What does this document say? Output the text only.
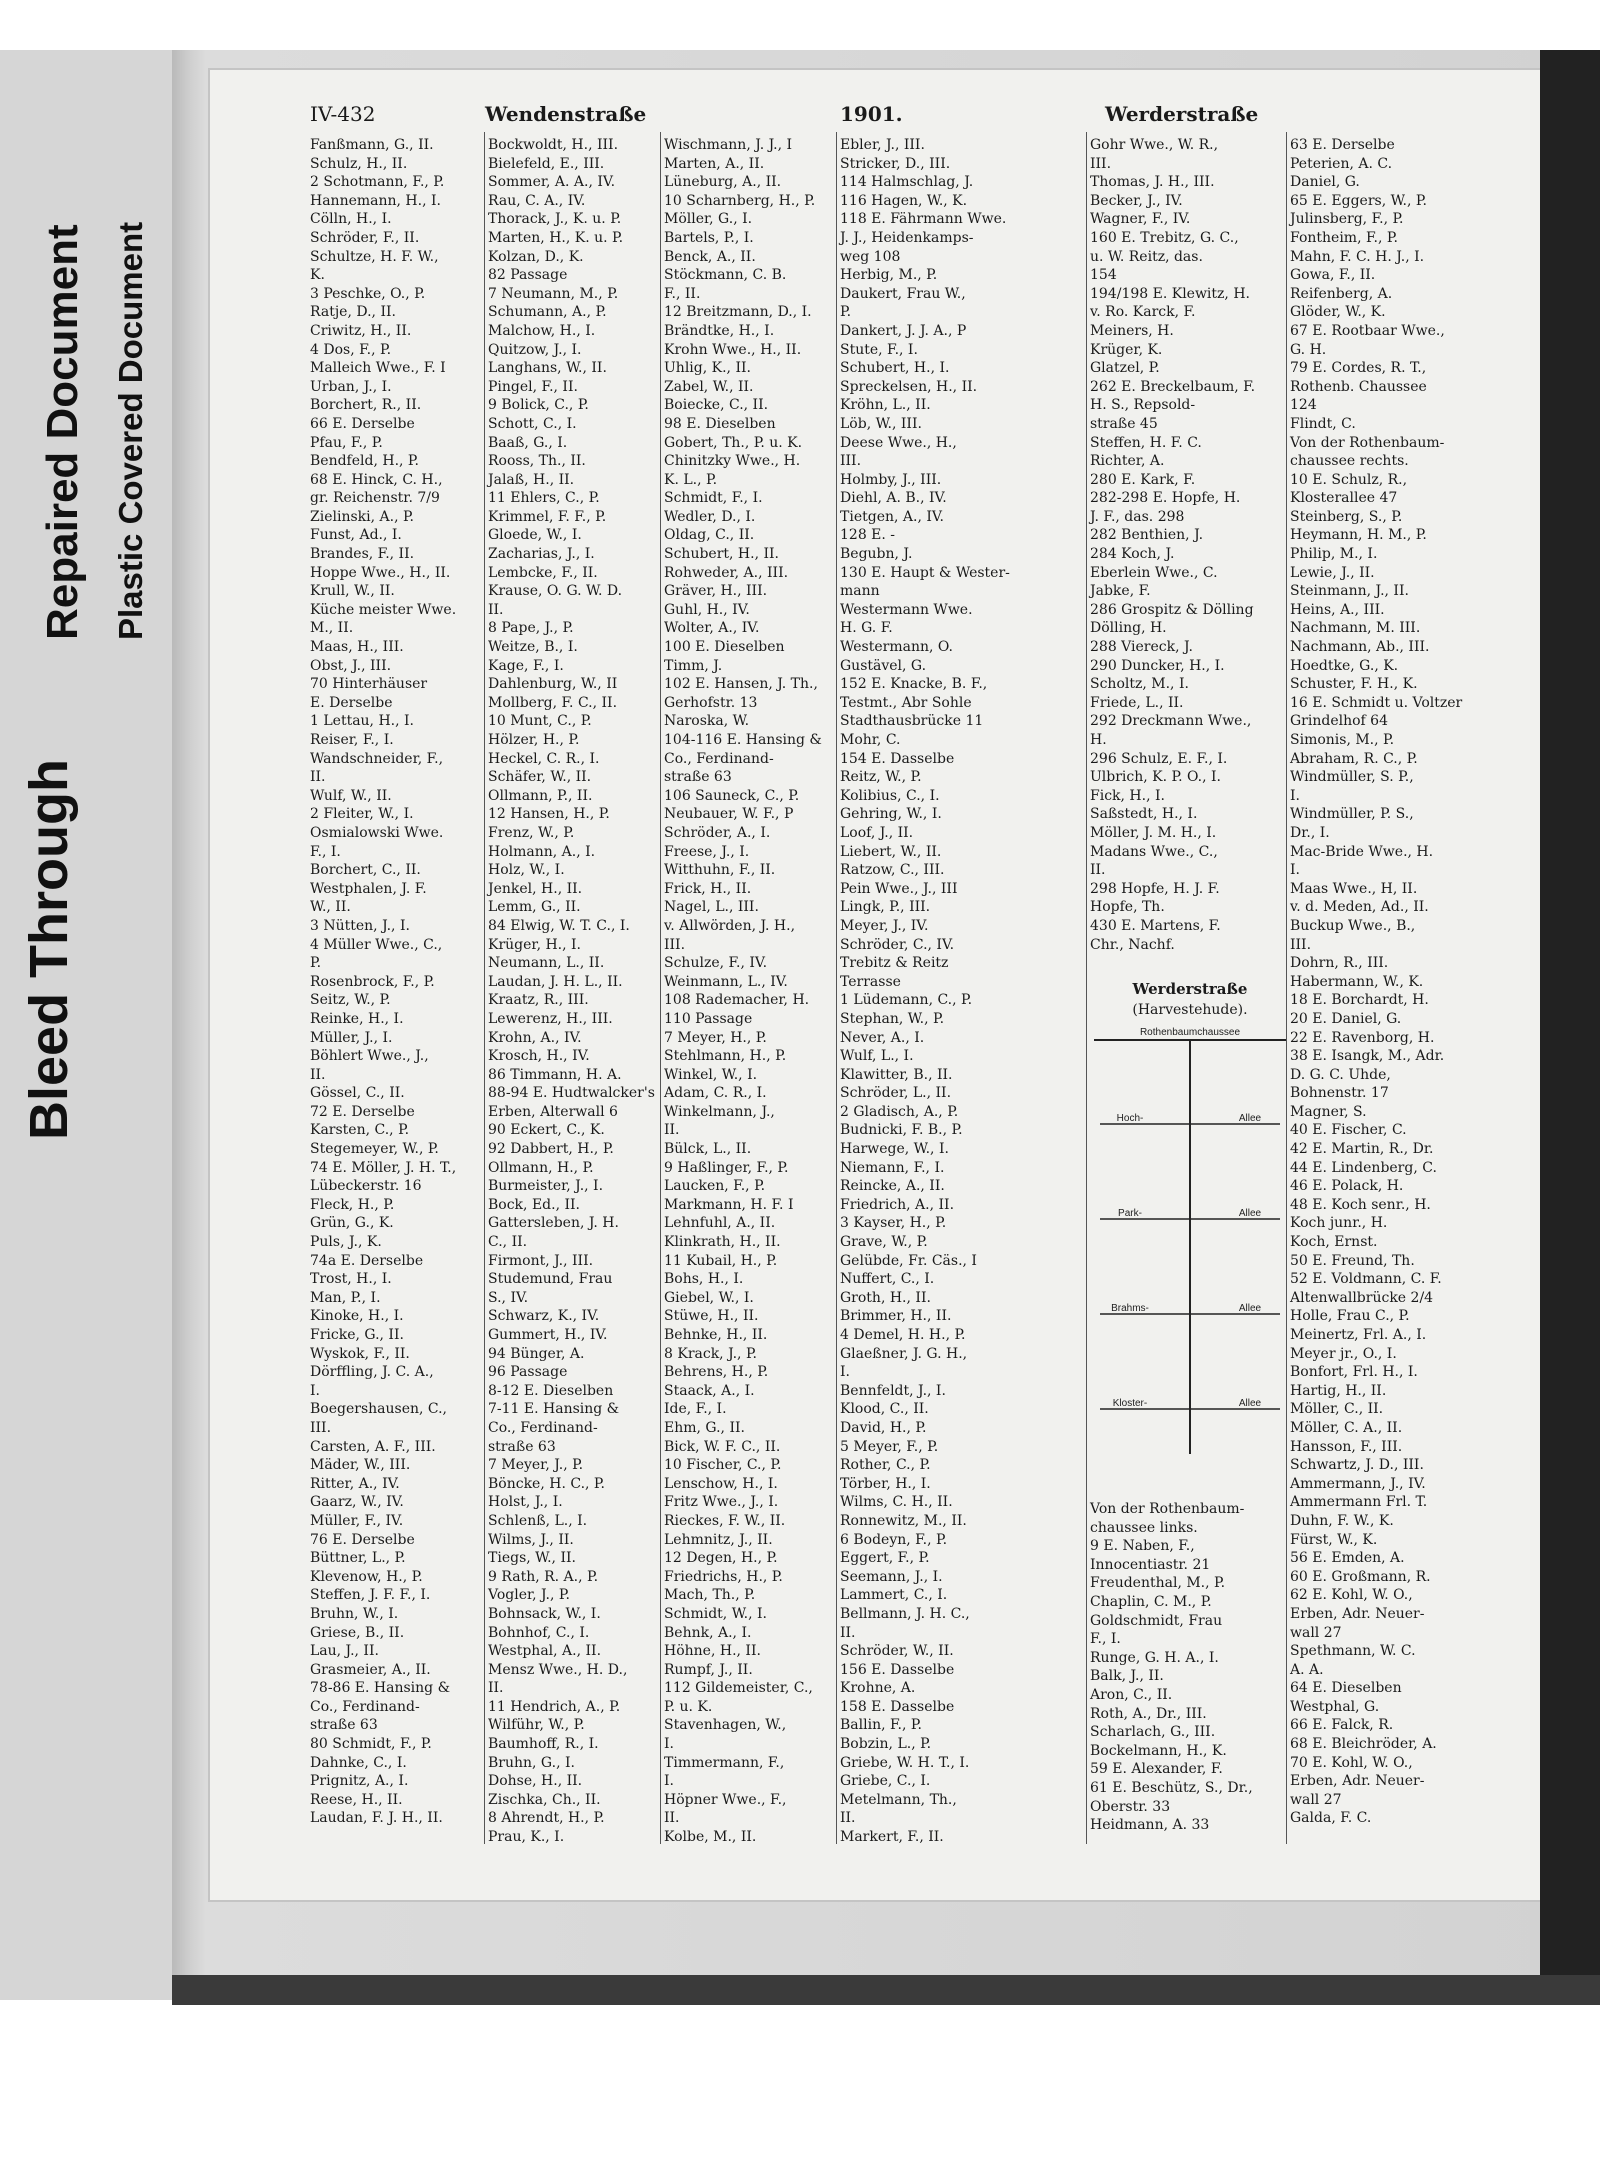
Bleed Through
Repaired Document Plastic Covered Document
IV-432	Wendenstraße	1901.	Werderstraße
Fanßmann, G., II.
Schulz, H., II.
2 Schotmann, F., P.
Hannemann, H., I.
Cölln, H., I.
Schröder, F., II.
Schultze, H. F. W.,
K.
3 Peschke, O., P.
Ratje, D., II.
Criwitz, H., II.
4 Dos, F., P.
Malleich Wwe., F. I
Urban, J., I.
Borchert, R., II.
66 E. Derselbe
Pfau, F., P.
Bendfeld, H., P.
68 E. Hinck, C. H.,
gr. Reichenstr. 7/9
Zielinski, A., P.
Funst, Ad., I.
Brandes, F., II.
Hoppe Wwe., H., II.
Krull, W., II.
Küche meister Wwe.
M., II.
Maas, H., III.
Obst, J., III.
70 Hinterhäuser
E. Derselbe
1 Lettau, H., I.
Reiser, F., I.
Wandschneider, F.,
II.
Wulf, W., II.
2 Fleiter, W., I.
Osmialowski Wwe.
F., I.
Borchert, C., II.
Westphalen, J. F.
W., II.
3 Nütten, J., I.
4 Müller Wwe., C.,
P.
Rosenbrock, F., P.
Seitz, W., P.
Reinke, H., I.
Müller, J., I.
Böhlert Wwe., J.,
II.
Gössel, C., II.
72 E. Derselbe
Karsten, C., P.
Stegemeyer, W., P.
74 E. Möller, J. H. T.,
Lübeckerstr. 16
Fleck, H., P.
Grün, G., K.
Puls, J., K.
74a E. Derselbe
Trost, H., I.
Man, P., I.
Kinoke, H., I.
Fricke, G., II.
Wyskok, F., II.
Dörffling, J. C. A.,
I.
Boegershausen, C.,
III.
Carsten, A. F., III.
Mäder, W., III.
Ritter, A., IV.
Gaarz, W., IV.
Müller, F., IV.
76 E. Derselbe
Büttner, L., P.
Klevenow, H., P.
Steffen, J. F. F., I.
Bruhn, W., I.
Griese, B., II.
Lau, J., II.
Grasmeier, A., II.
78-86 E. Hansing &
Co., Ferdinand-
straße 63
80 Schmidt, F., P.
Dahnke, C., I.
Prignitz, A., I.
Reese, H., II.
Laudan, F. J. H., II.
Bockwoldt, H., III.
Bielefeld, E., III.
Sommer, A. A., IV.
Rau, C. A., IV.
Thorack, J., K. u. P.
Marten, H., K. u. P.
Kolzan, D., K.
82 Passage
7 Neumann, M., P.
Schumann, A., P.
Malchow, H., I.
Quitzow, J., I.
Langhans, W., II.
Pingel, F., II.
9 Bolick, C., P.
Schott, C., I.
Baaß, G., I.
Rooss, Th., II.
Jalaß, H., II.
11 Ehlers, C., P.
Krimmel, F. F., P.
Gloede, W., I.
Zacharias, J., I.
Lembcke, F., II.
Krause, O. G. W. D.
II.
8 Pape, J., P.
Weitze, B., I.
Kage, F., I.
Dahlenburg, W., II
Mollberg, F. C., II.
10 Munt, C., P.
Hölzer, H., P.
Heckel, C. R., I.
Schäfer, W., II.
Ollmann, P., II.
12 Hansen, H., P.
Frenz, W., P.
Holmann, A., I.
Holz, W., I.
Jenkel, H., II.
Lemm, G., II.
84 Elwig, W. T. C., I.
Krüger, H., I.
Neumann, L., II.
Laudan, J. H. L., II.
Kraatz, R., III.
Lewerenz, H., III.
Krohn, A., IV.
Krosch, H., IV.
86 Timmann, H. A.
88-94 E. Hudtwalcker's
Erben, Alterwall 6
90 Eckert, C., K.
92 Dabbert, H., P.
Ollmann, H., P.
Burmeister, J., I.
Bock, Ed., II.
Gattersleben, J. H.
C., II.
Firmont, J., III.
Studemund, Frau
S., IV.
Schwarz, K., IV.
Gummert, H., IV.
94 Bünger, A.
96 Passage
8-12 E. Dieselben
7-11 E. Hansing &
Co., Ferdinand-
straße 63
7 Meyer, J., P.
Böncke, H. C., P.
Holst, J., I.
Schlenß, L., I.
Wilms, J., II.
Tiegs, W., II.
9 Rath, R. A., P.
Vogler, J., P.
Bohnsack, W., I.
Bohnhof, C., I.
Westphal, A., II.
Mensz Wwe., H. D.,
II.
11 Hendrich, A., P.
Wilführ, W., P.
Baumhoff, R., I.
Bruhn, G., I.
Dohse, H., II.
Zischka, Ch., II.
8 Ahrendt, H., P.
Prau, K., I.
Wischmann, J. J., I
Marten, A., II.
Lüneburg, A., II.
10 Scharnberg, H., P.
Möller, G., I.
Bartels, P., I.
Benck, A., II.
Stöckmann, C. B.
F., II.
12 Breitzmann, D., I.
Brändtke, H., I.
Krohn Wwe., H., II.
Uhlig, K., II.
Zabel, W., II.
Boiecke, C., II.
98 E. Dieselben
Gobert, Th., P. u. K.
Chinitzky Wwe., H.
K. L., P.
Schmidt, F., I.
Wedler, D., I.
Oldag, C., II.
Schubert, H., II.
Rohweder, A., III.
Gräver, H., III.
Guhl, H., IV.
Wolter, A., IV.
100 E. Dieselben
Timm, J.
102 E. Hansen, J. Th.,
Gerhofstr. 13
Naroska, W.
104-116 E. Hansing &
Co., Ferdinand-
straße 63
106 Sauneck, C., P.
Neubauer, W. F., P
Schröder, A., I.
Freese, J., I.
Witthuhn, F., II.
Frick, H., II.
Nagel, L., III.
v. Allwörden, J. H.,
III.
Schulze, F., IV.
Weinmann, L., IV.
108 Rademacher, H.
110 Passage
7 Meyer, H., P.
Stehlmann, H., P.
Winkel, W., I.
Adam, C. R., I.
Winkelmann, J.,
II.
Bülck, L., II.
9 Haßlinger, F., P.
Laucken, F., P.
Markmann, H. F. I
Lehnfuhl, A., II.
Klinkrath, H., II.
11 Kubail, H., P.
Bohs, H., I.
Giebel, W., I.
Stüwe, H., II.
Behnke, H., II.
8 Krack, J., P.
Behrens, H., P.
Staack, A., I.
Ide, F., I.
Ehm, G., II.
Bick, W. F. C., II.
10 Fischer, C., P.
Lenschow, H., I.
Fritz Wwe., J., I.
Rieckes, F. W., II.
Lehmnitz, J., II.
12 Degen, H., P.
Friedrichs, H., P.
Mach, Th., P.
Schmidt, W., I.
Behnk, A., I.
Höhne, H., II.
Rumpf, J., II.
112 Gildemeister, C.,
P. u. K.
Stavenhagen, W.,
I.
Timmermann, F.,
I.
Höpner Wwe., F.,
II.
Kolbe, M., II.
Ebler, J., III.
Stricker, D., III.
114 Halmschlag, J.
116 Hagen, W., K.
118 E. Fährmann Wwe.
J. J., Heidenkamps-
weg 108
Herbig, M., P.
Daukert, Frau W.,
P.
Dankert, J. J. A., P
Stute, F., I.
Schubert, H., I.
Spreckelsen, H., II.
Kröhn, L., II.
Löb, W., III.
Deese Wwe., H.,
III.
Holmby, J., III.
Diehl, A. B., IV.
Tietgen, A., IV.
128 E. -
Begubn, J.
130 E. Haupt & Wester-
mann
Westermann Wwe.
H. G. F.
Westermann, O.
Gustävel, G.
152 E. Knacke, B. F.,
Testmt., Abr Sohle
Stadthausbrücke 11
Mohr, C.
154 E. Dasselbe
Reitz, W., P.
Kolibius, C., I.
Gehring, W., I.
Loof, J., II.
Liebert, W., II.
Ratzow, C., III.
Pein Wwe., J., III
Lingk, P., III.
Meyer, J., IV.
Schröder, C., IV.
Trebitz & Reitz
Terrasse
1 Lüdemann, C., P.
Stephan, W., P.
Never, A., I.
Wulf, L., I.
Klawitter, B., II.
Schröder, L., II.
2 Gladisch, A., P.
Budnicki, F. B., P.
Harwege, W., I.
Niemann, F., I.
Reincke, A., II.
Friedrich, A., II.
3 Kayser, H., P.
Grave, W., P.
Gelübde, Fr. Cäs., I
Nuffert, C., I.
Groth, H., II.
Brimmer, H., II.
4 Demel, H. H., P.
Glaeßner, J. G. H.,
I.
Bennfeldt, J., I.
Klood, C., II.
David, H., P.
5 Meyer, F., P.
Rother, C., P.
Törber, H., I.
Wilms, C. H., II.
Ronnewitz, M., II.
6 Bodeyn, F., P.
Eggert, F., P.
Seemann, J., I.
Lammert, C., I.
Bellmann, J. H. C.,
II.
Schröder, W., II.
156 E. Dasselbe
Krohne, A.
158 E. Dasselbe
Ballin, F., P.
Bobzin, L., P.
Griebe, W. H. T., I.
Griebe, C., I.
Metelmann, Th.,
II.
Markert, F., II.
Gohr Wwe., W. R.,
III.
Thomas, J. H., III.
Becker, J., IV.
Wagner, F., IV.
160 E. Trebitz, G. C.,
u. W. Reitz, das.
154
194/198 E. Klewitz, H.
v. Ro. Karck, F.
Meiners, H.
Krüger, K.
Glatzel, P.
262 E. Breckelbaum, F.
H. S., Repsold-
straße 45
Steffen, H. F. C.
Richter, A.
280 E. Kark, F.
282-298 E. Hopfe, H.
J. F., das. 298
282 Benthien, J.
284 Koch, J.
Eberlein Wwe., C.
Jabke, F.
286 Grospitz & Dölling
Dölling, H.
288 Viereck, J.
290 Duncker, H., I.
Scholtz, M., I.
Friede, L., II.
292 Dreckmann Wwe.,
H.
296 Schulz, E. F., I.
Ulbrich, K. P. O., I.
Fick, H., I.
Saßstedt, H., I.
Möller, J. M. H., I.
Madans Wwe., C.,
II.
298 Hopfe, H. J. F.
Hopfe, Th.
430 E. Martens, F.
Chr., Nachf.
Von der Rothenbaum-
chaussee links.
9 E. Naben, F.,
Innocentiastr. 21
Freudenthal, M., P.
Chaplin, C. M., P.
Goldschmidt, Frau
F., I.
Runge, G. H. A., I.
Balk, J., II.
Aron, C., II.
Roth, A., Dr., III.
Scharlach, G., III.
Bockelmann, H., K.
59 E. Alexander, F.
61 E. Beschütz, S., Dr.,
Oberstr. 33
Heidmann, A. 33
63 E. Derselbe
Peterien, A. C.
Daniel, G.
65 E. Eggers, W., P.
Julinsberg, F., P.
Fontheim, F., P.
Mahn, F. C. H. J., I.
Gowa, F., II.
Reifenberg, A.
Glöder, W., K.
67 E. Rootbaar Wwe.,
G. H.
79 E. Cordes, R. T.,
Rothenb. Chaussee
124
Flindt, C.
Von der Rothenbaum-
chaussee rechts.
10 E. Schulz, R.,
Klosterallee 47
Steinberg, S., P.
Heymann, H. M., P.
Philip, M., I.
Lewie, J., II.
Steinmann, J., II.
Heins, A., III.
Nachmann, M. III.
Nachmann, Ab., III.
Hoedtke, G., K.
Schuster, F. H., K.
16 E. Schmidt u. Voltzer
Grindelhof 64
Simonis, M., P.
Abraham, R. C., P.
Windmüller, S. P.,
I.
Windmüller, P. S.,
Dr., I.
Mac-Bride Wwe., H.
I.
Maas Wwe., H, II.
v. d. Meden, Ad., II.
Buckup Wwe., B.,
III.
Dohrn, R., III.
Habermann, W., K.
18 E. Borchardt, H.
20 E. Daniel, G.
22 E. Ravenborg, H.
38 E. Isangk, M., Adr.
D. G. C. Uhde,
Bohnenstr. 17
Magner, S.
40 E. Fischer, C.
42 E. Martin, R., Dr.
44 E. Lindenberg, C.
46 E. Polack, H.
48 E. Koch senr., H.
Koch junr., H.
Koch, Ernst.
50 E. Freund, Th.
52 E. Voldmann, C. F.
Altenwallbrücke 2/4
Holle, Frau C., P.
Meinertz, Frl. A., I.
Meyer jr., O., I.
Bonfort, Frl. H., I.
Hartig, H., II.
Möller, C., II.
Möller, C. A., II.
Hansson, F., III.
Schwartz, J. D., III.
Ammermann, J., IV.
Ammermann Frl. T.
Duhn, F. W., K.
Fürst, W., K.
56 E. Emden, A.
60 E. Großmann, R.
62 E. Kohl, W. O.,
Erben, Adr. Neuer-
wall 27
Spethmann, W. C.
A. A.
64 E. Dieselben
Westphal, G.
66 E. Falck, R.
68 E. Bleichröder, A.
70 E. Kohl, W. O.,
Erben, Adr. Neuer-
wall 27
Galda, F. C.
Werderstraße
(Harvestehude).
Rothenbaumchaussee
Hoch-	Allee
Park-	Allee
Brahms-	Allee
Kloster-	Allee
